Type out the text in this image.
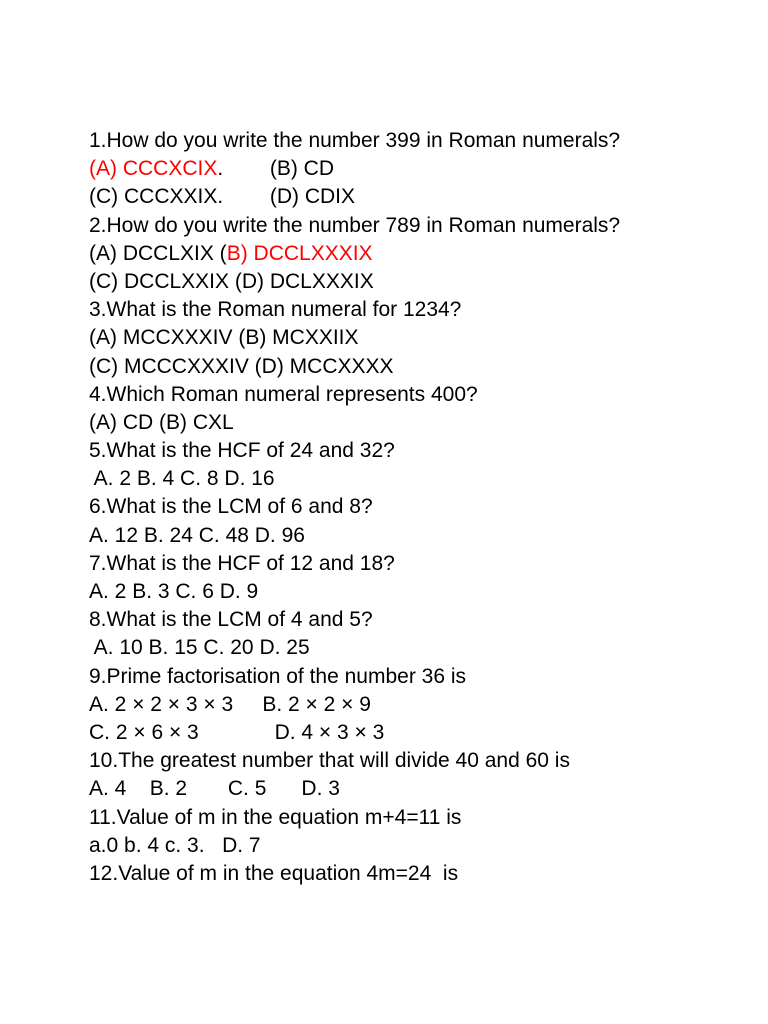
1.How do you write the number 399 in Roman numerals?
(A) CCCXCIX.        (B) CD
(C) CCCXXIX.        (D) CDIX
2.How do you write the number 789 in Roman numerals?
(A) DCCLXIX (B) DCCLXXXIX
(C) DCCLXXIX (D) DCLXXXIX
3.What is the Roman numeral for 1234?
(A) MCCXXXIV (B) MCXXIIX
(C) MCCCXXXIV (D) MCCXXXX
4.Which Roman numeral represents 400?
(A) CD (B) CXL
5.What is the HCF of 24 and 32?
A. 2 B. 4 C. 8 D. 16
6.What is the LCM of 6 and 8?
A. 12 B. 24 C. 48 D. 96
7.What is the HCF of 12 and 18?
A. 2 B. 3 C. 6 D. 9
8.What is the LCM of 4 and 5?
A. 10 B. 15 C. 20 D. 25
9.Prime factorisation of the number 36 is
A. 2 × 2 × 3 × 3     B. 2 × 2 × 9
C. 2 × 6 × 3             D. 4 × 3 × 3
10.The greatest number that will divide 40 and 60 is
A. 4    B. 2       C. 5      D. 3
11.Value of m in the equation m+4=11 is
a.0 b. 4 c. 3.   D. 7
12.Value of m in the equation 4m=24  is
